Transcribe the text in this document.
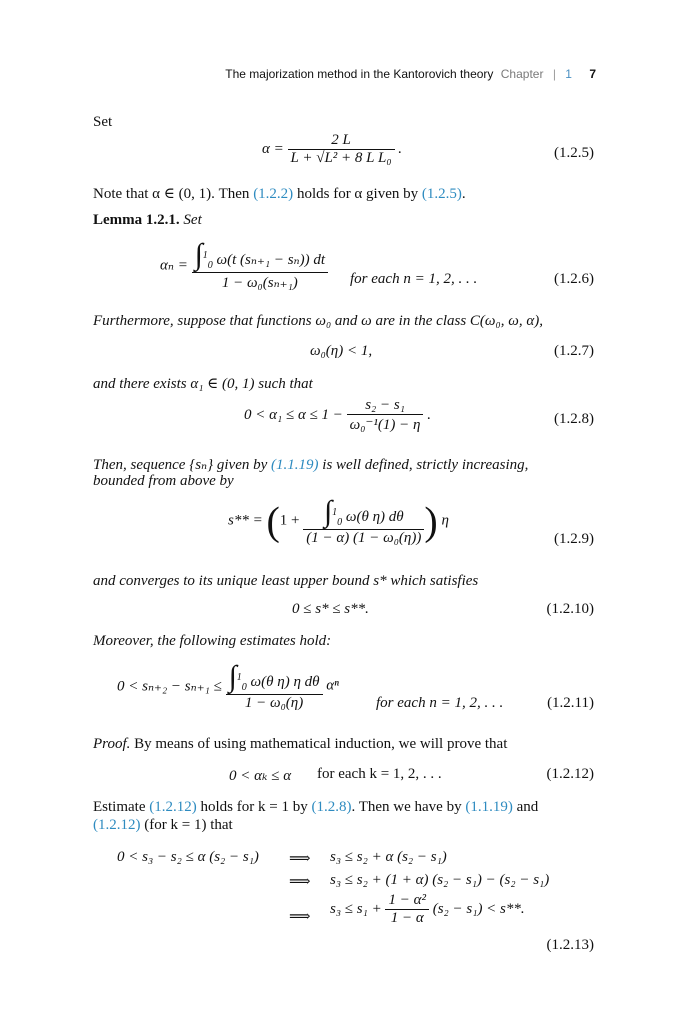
The majorization method in the Kantorovich theory Chapter | 1 7
Set
$\alpha = \frac{2 L}{\text{L + √L² + 8 L L₀}}$ .	(1.2.5)
Note that α ∈ (0, 1). Then (1.2.2) holds for α given by (1.2.5).
Lemma 1.2.1. Set
$\alpha_n = \frac{\int^1_0 \omega(t (s_{n+1} - s_n)) dt}{\text{1 − ω₀(sₙ₊₁)}}$ for each n = 1, 2, . . .	(1.2.6)
Furthermore, suppose that functions ω₀ and ω are in the class C(ω₀, ω, α),
ω₀(η) < 1,	(1.2.7)
and there exists α₁ ∈ (0, 1) such that
$0 < \alpha_1 \le \alpha \le 1 - \frac{\text{s₂ − s₁}}{\text{ω₀⁻¹(1) − η}}$ .	(1.2.8)
Then, sequence {sₙ} given by (1.1.19) is well defined, strictly increasing,
bounded from above by
$s** = (1 + \frac{\int^1_0 \omega(\theta \eta) d\theta}{\text{(1 − α) (1 − ω₀(η))}}$ ) η
(1.2.9)
and converges to its unique least upper bound s* which satisfies
0 ≤ s* ≤ s**.	(1.2.10)
Moreover, the following estimates hold:
$0 < s_{n+2} - s_{n+1} \le \frac{\int^1_0 \omega(\theta \eta) \eta d\theta}{\text{1 − ω₀(η)}}$ αⁿ
for each n = 1, 2, . . .	(1.2.11)
Proof. By means of using mathematical induction, we will prove that
0 < αₖ ≤ α for each k = 1, 2, . . .	(1.2.12)
Estimate (1.2.12) holds for k = 1 by (1.2.8). Then we have by (1.1.19) and
(1.2.12) (for k = 1) that
0 < s₃ − s₂ ≤ α (s₂ − s₁) ⟹ s₃ ≤ s₂ + α (s₂ − s₁)
⟹ s₃ ≤ s₂ + (1 + α) (s₂ − s₁) − (s₂ − s₁)
⟹ $s_3 \le s_1 + \frac{\text{1 − α²}}{1 - \alpha} (s_2 - s_1) < s**$.
(1.2.13)
